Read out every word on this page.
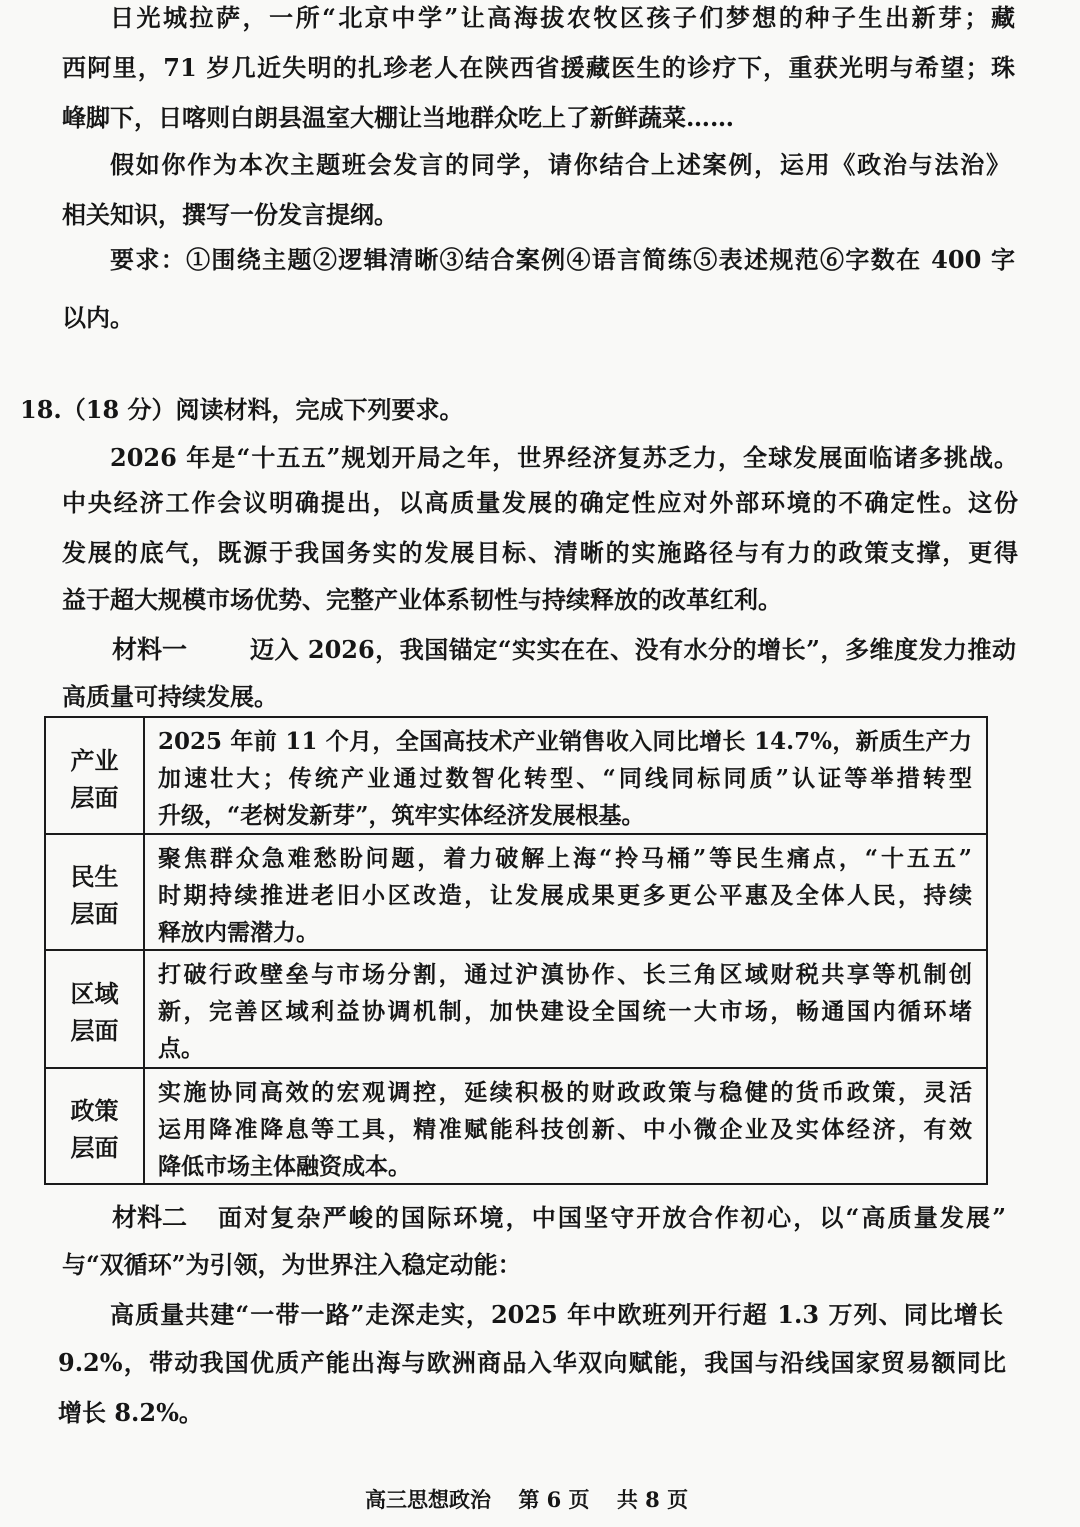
日光城拉萨，一所“北京中学”让高海拔农牧区孩子们梦想的种子生出新芽；藏
西阿里，71 岁几近失明的扎珍老人在陕西省援藏医生的诊疗下，重获光明与希望；珠
峰脚下，日喀则白朗县温室大棚让当地群众吃上了新鲜蔬菜……
假如你作为本次主题班会发言的同学，请你结合上述案例，运用《政治与法治》
相关知识，撰写一份发言提纲。
要求：①围绕主题②逻辑清晰③结合案例④语言简练⑤表述规范⑥字数在 400 字
以内。
18.（18 分）阅读材料，完成下列要求。
2026 年是“十五五”规划开局之年，世界经济复苏乏力，全球发展面临诸多挑战。
中央经济工作会议明确提出，以高质量发展的确定性应对外部环境的不确定性。这份
发展的底气，既源于我国务实的发展目标、清晰的实施路径与有力的政策支撑，更得
益于超大规模市场优势、完整产业体系韧性与持续释放的改革红利。
材料一	迈入 2026，我国锚定“实实在在、没有水分的增长”，多维度发力推动
高质量可持续发展。
产业层面
2025 年前 11 个月，全国高技术产业销售收入同比增长 14.7%，新质生产力
加速壮大；传统产业通过数智化转型、“同线同标同质”认证等举措转型
升级，“老树发新芽”，筑牢实体经济发展根基。
民生层面
聚焦群众急难愁盼问题，着力破解上海“拎马桶”等民生痛点，“十五五”
时期持续推进老旧小区改造，让发展成果更多更公平惠及全体人民，持续
释放内需潜力。
区域层面
打破行政壁垒与市场分割，通过沪滇协作、长三角区域财税共享等机制创
新，完善区域利益协调机制，加快建设全国统一大市场，畅通国内循环堵
点。
政策层面
实施协同高效的宏观调控，延续积极的财政政策与稳健的货币政策，灵活
运用降准降息等工具，精准赋能科技创新、中小微企业及实体经济，有效
降低市场主体融资成本。
材料二 面对复杂严峻的国际环境，中国坚守开放合作初心，以“高质量发展”
与“双循环”为引领，为世界注入稳定动能：
高质量共建“一带一路”走深走实，2025 年中欧班列开行超 1.3 万列、同比增长
9.2%，带动我国优质产能出海与欧洲商品入华双向赋能，我国与沿线国家贸易额同比
增长 8.2%。
高三思想政治 第 6 页 共 8 页
